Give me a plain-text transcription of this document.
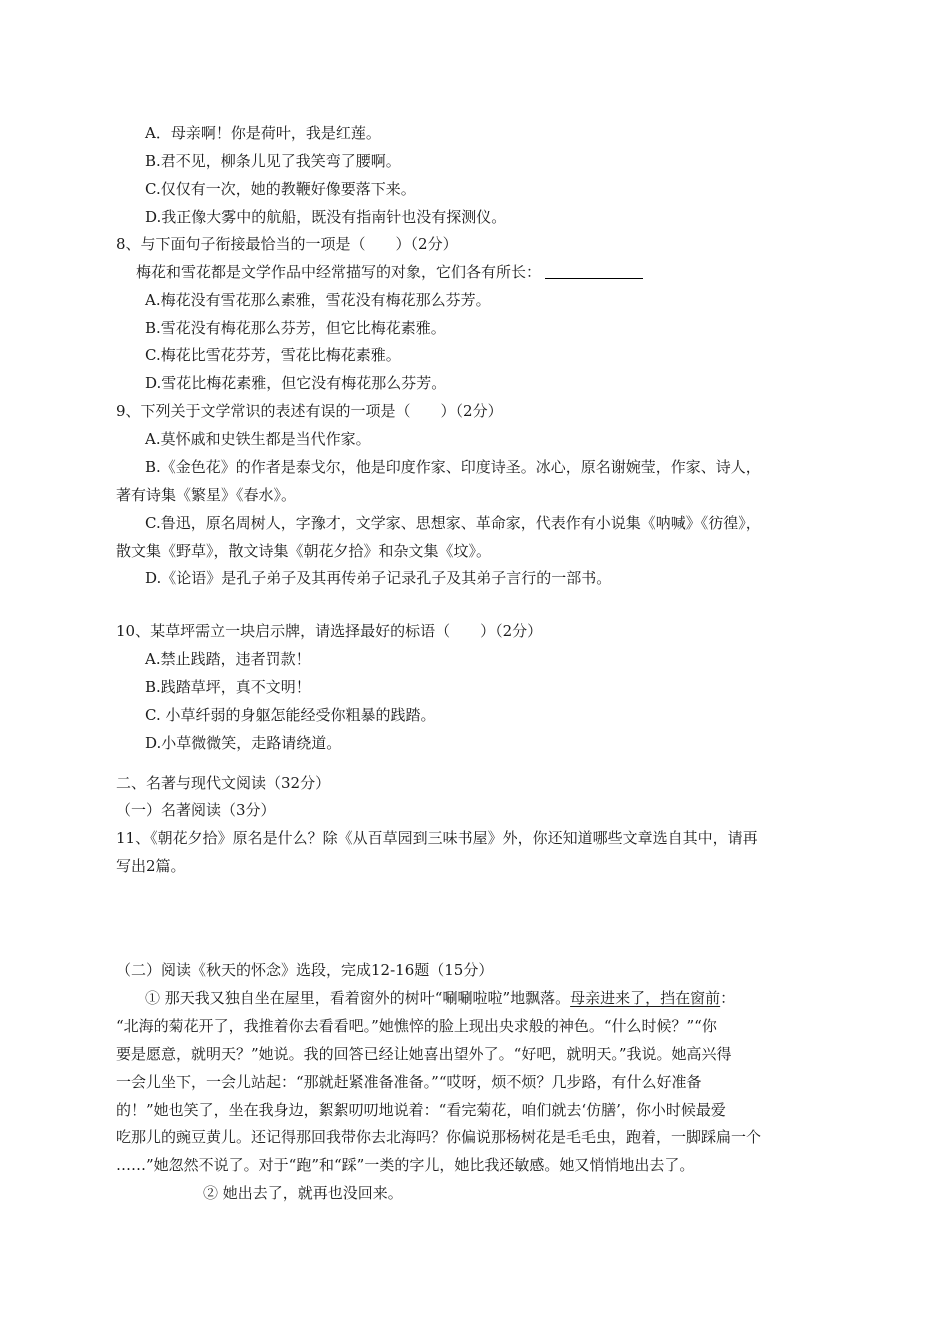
A．母亲啊！你是荷叶，我是红莲。
B.君不见，柳条儿见了我笑弯了腰啊。
C.仅仅有一次，她的教鞭好像要落下来。
D.我正像大雾中的航船，既没有指南针也没有探测仪。
8、与下面句子衔接最恰当的一项是（　　）（2分）
梅花和雪花都是文学作品中经常描写的对象，它们各有所长：
A.梅花没有雪花那么素雅，雪花没有梅花那么芬芳。
B.雪花没有梅花那么芬芳，但它比梅花素雅。
C.梅花比雪花芬芳，雪花比梅花素雅。
D.雪花比梅花素雅，但它没有梅花那么芬芳。
9、下列关于文学常识的表述有误的一项是（　　）（2分）
A.莫怀戚和史铁生都是当代作家。
B.《金色花》的作者是泰戈尔，他是印度作家、印度诗圣。冰心，原名谢婉莹，作家、诗人，
著有诗集《繁星》《春水》。
C.鲁迅，原名周树人，字豫才，文学家、思想家、革命家，代表作有小说集《呐喊》《彷徨》，
散文集《野草》，散文诗集《朝花夕拾》和杂文集《坟》。
D.《论语》是孔子弟子及其再传弟子记录孔子及其弟子言行的一部书。
10、某草坪需立一块启示牌，请选择最好的标语（　　）（2分）
A.禁止践踏，违者罚款！
B.践踏草坪，真不文明！
C. 小草纤弱的身躯怎能经受你粗暴的践踏。
D.小草微微笑，走路请绕道。
二、名著与现代文阅读（32分）
（一）名著阅读（3分）
11、《朝花夕拾》原名是什么？除《从百草园到三味书屋》外，你还知道哪些文章选自其中，请再
写出2篇。
（二）阅读《秋天的怀念》选段，完成12-16题（15分）
① 那天我又独自坐在屋里，看着窗外的树叶“唰唰啦啦”地飘落。母亲进来了，挡在窗前：
“北海的菊花开了，我推着你去看看吧。”她憔悴的脸上现出央求般的神色。“什么时候？”“你
要是愿意，就明天？”她说。我的回答已经让她喜出望外了。“好吧，就明天。”我说。她高兴得
一会儿坐下，一会儿站起：“那就赶紧准备准备。”“哎呀，烦不烦？几步路，有什么好准备
的！”她也笑了，坐在我身边，絮絮叨叨地说着：“看完菊花，咱们就去‘仿膳’，你小时候最爱
吃那儿的豌豆黄儿。还记得那回我带你去北海吗？你偏说那杨树花是毛毛虫，跑着，一脚踩扁一个
……”她忽然不说了。对于“跑”和“踩”一类的字儿，她比我还敏感。她又悄悄地出去了。
② 她出去了，就再也没回来。
